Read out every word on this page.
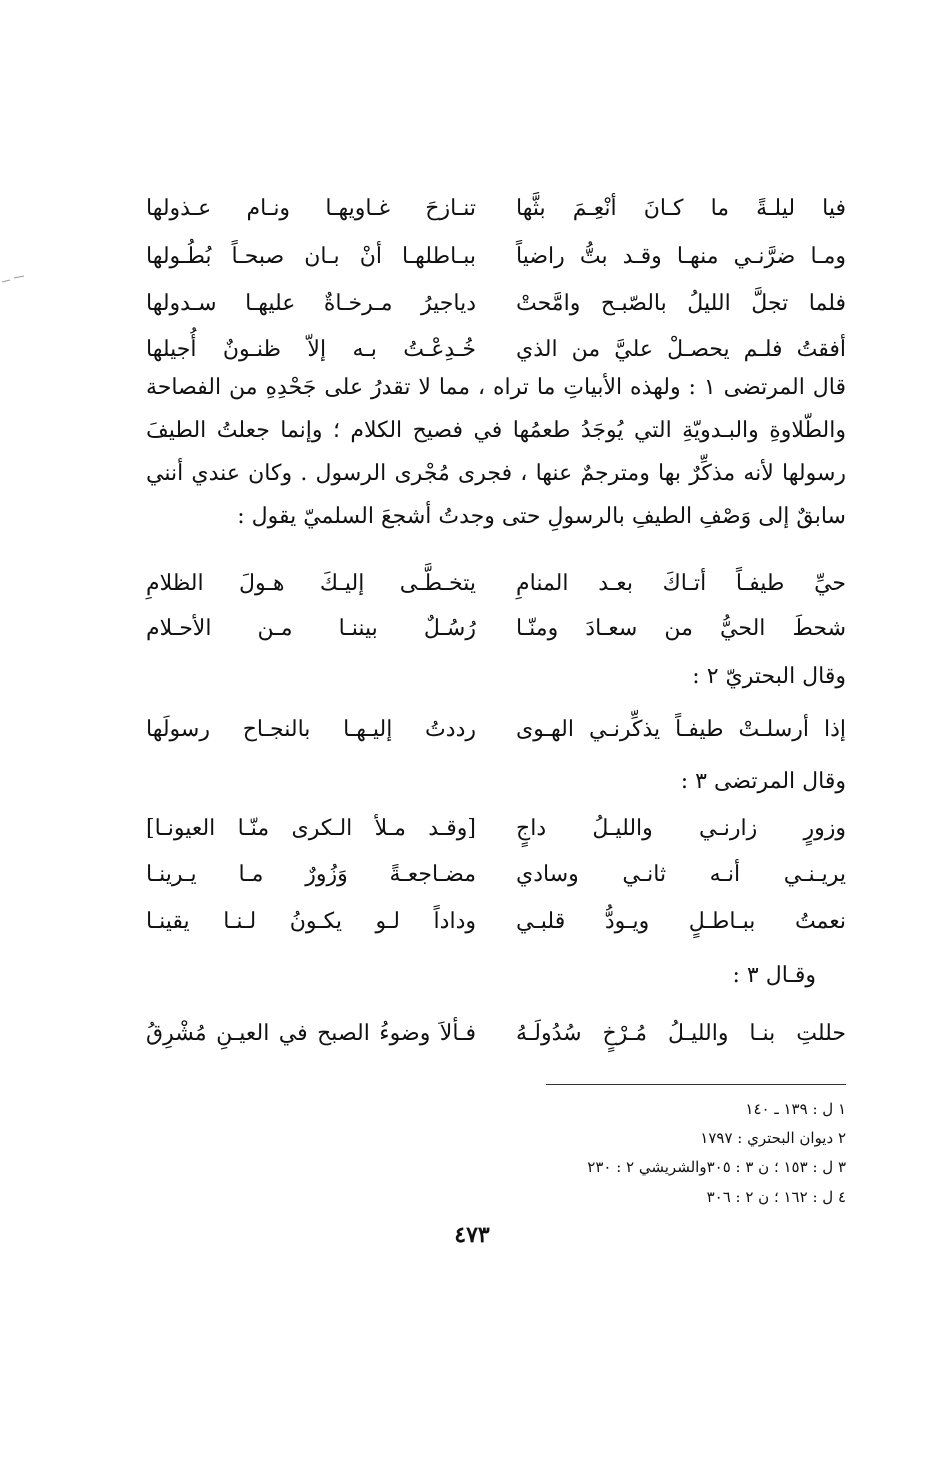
فيا ليلـةً ما كـانَ أنْعِـمَ بثَّها
تنـازحَ غـاويهـا ونـام عـذولها
ومـا ضرَّنـي منهـا وقـد بتُّ راضياً
ببـاطلهـا أنْ بـان صبحـاً بُطُـولها
فلما تجلَّ الليلُ بالصّبـح وامَّحتْ
دياجيرُ مـرخـاةٌ عليهـا سـدولها
أفقتُ فلـم يحصـلْ عليَّ من الذي
خُـدِعْـتُ بـه إلاّ ظنـونٌ أُجيلها
قال المرتضى ١ : ولهذه الأبياتِ ما تراه ، مما لا تقدرُ على جَحْدِهِ من الفصاحة والطّلاوةِ والبـدويّةِ التي يُوجَدُ طعمُها في فصيح الكلام ؛ وإنما جعلتُ الطيفَ رسولها لأنه مذكِّرٌ بها ومترجمٌ عنها ، فجرى مُجْرى الرسول . وكان عندي أنني سابقٌ إلى وَصْفِ الطيفِ بالرسولِ حتى وجدتُ أشجعَ السلميّ يقول :
حيِّ طيفـاً أتـاكَ بعـد المنامِ
يتخـطَّـى إليـكَ هـولَ الظلامِ
شحطَ الحيُّ من سعـادَ ومنّـا
رُسُـلٌ بيننـا مـن الأحـلام
وقال البحتريّ ٢ :
إذا أرسلـتْ طيفـاً يذكِّرنـي الهـوى
رددتُ إليـهـا بالنجـاح رسولَها
وقال المرتضى ٣ :
وزورٍ زارنـي والليـلُ داجٍ
[وقـد مـلأ الـكرى منّـا العيونـا]
يريـنـي أنـه ثانـي وسادي
مضـاجعـةً وَزُورٌ مـا يـرينـا
نعمتُ ببـاطـلٍ ويـودُّ قلبـي
وداداً لـو يكـونُ لـنـا يقينـا
وقـال ٣ :
حللتِ بنـا والليـلُ مُـرْخٍ سُدُولَـهُ
فـألاَ وضوءُ الصبح في العيـنِ مُشْرِقُ
١ ل : ١٣٩ ـ ١٤٠
٢ ديوان البحتري : ١٧٩٧
٣ ل : ١٥٣ ؛ ن ٣ : ٣٠٥والشريشي ٢ : ٢٣٠
٤ ل : ١٦٢ ؛ ن ٢ : ٣٠٦
٤٧٣
